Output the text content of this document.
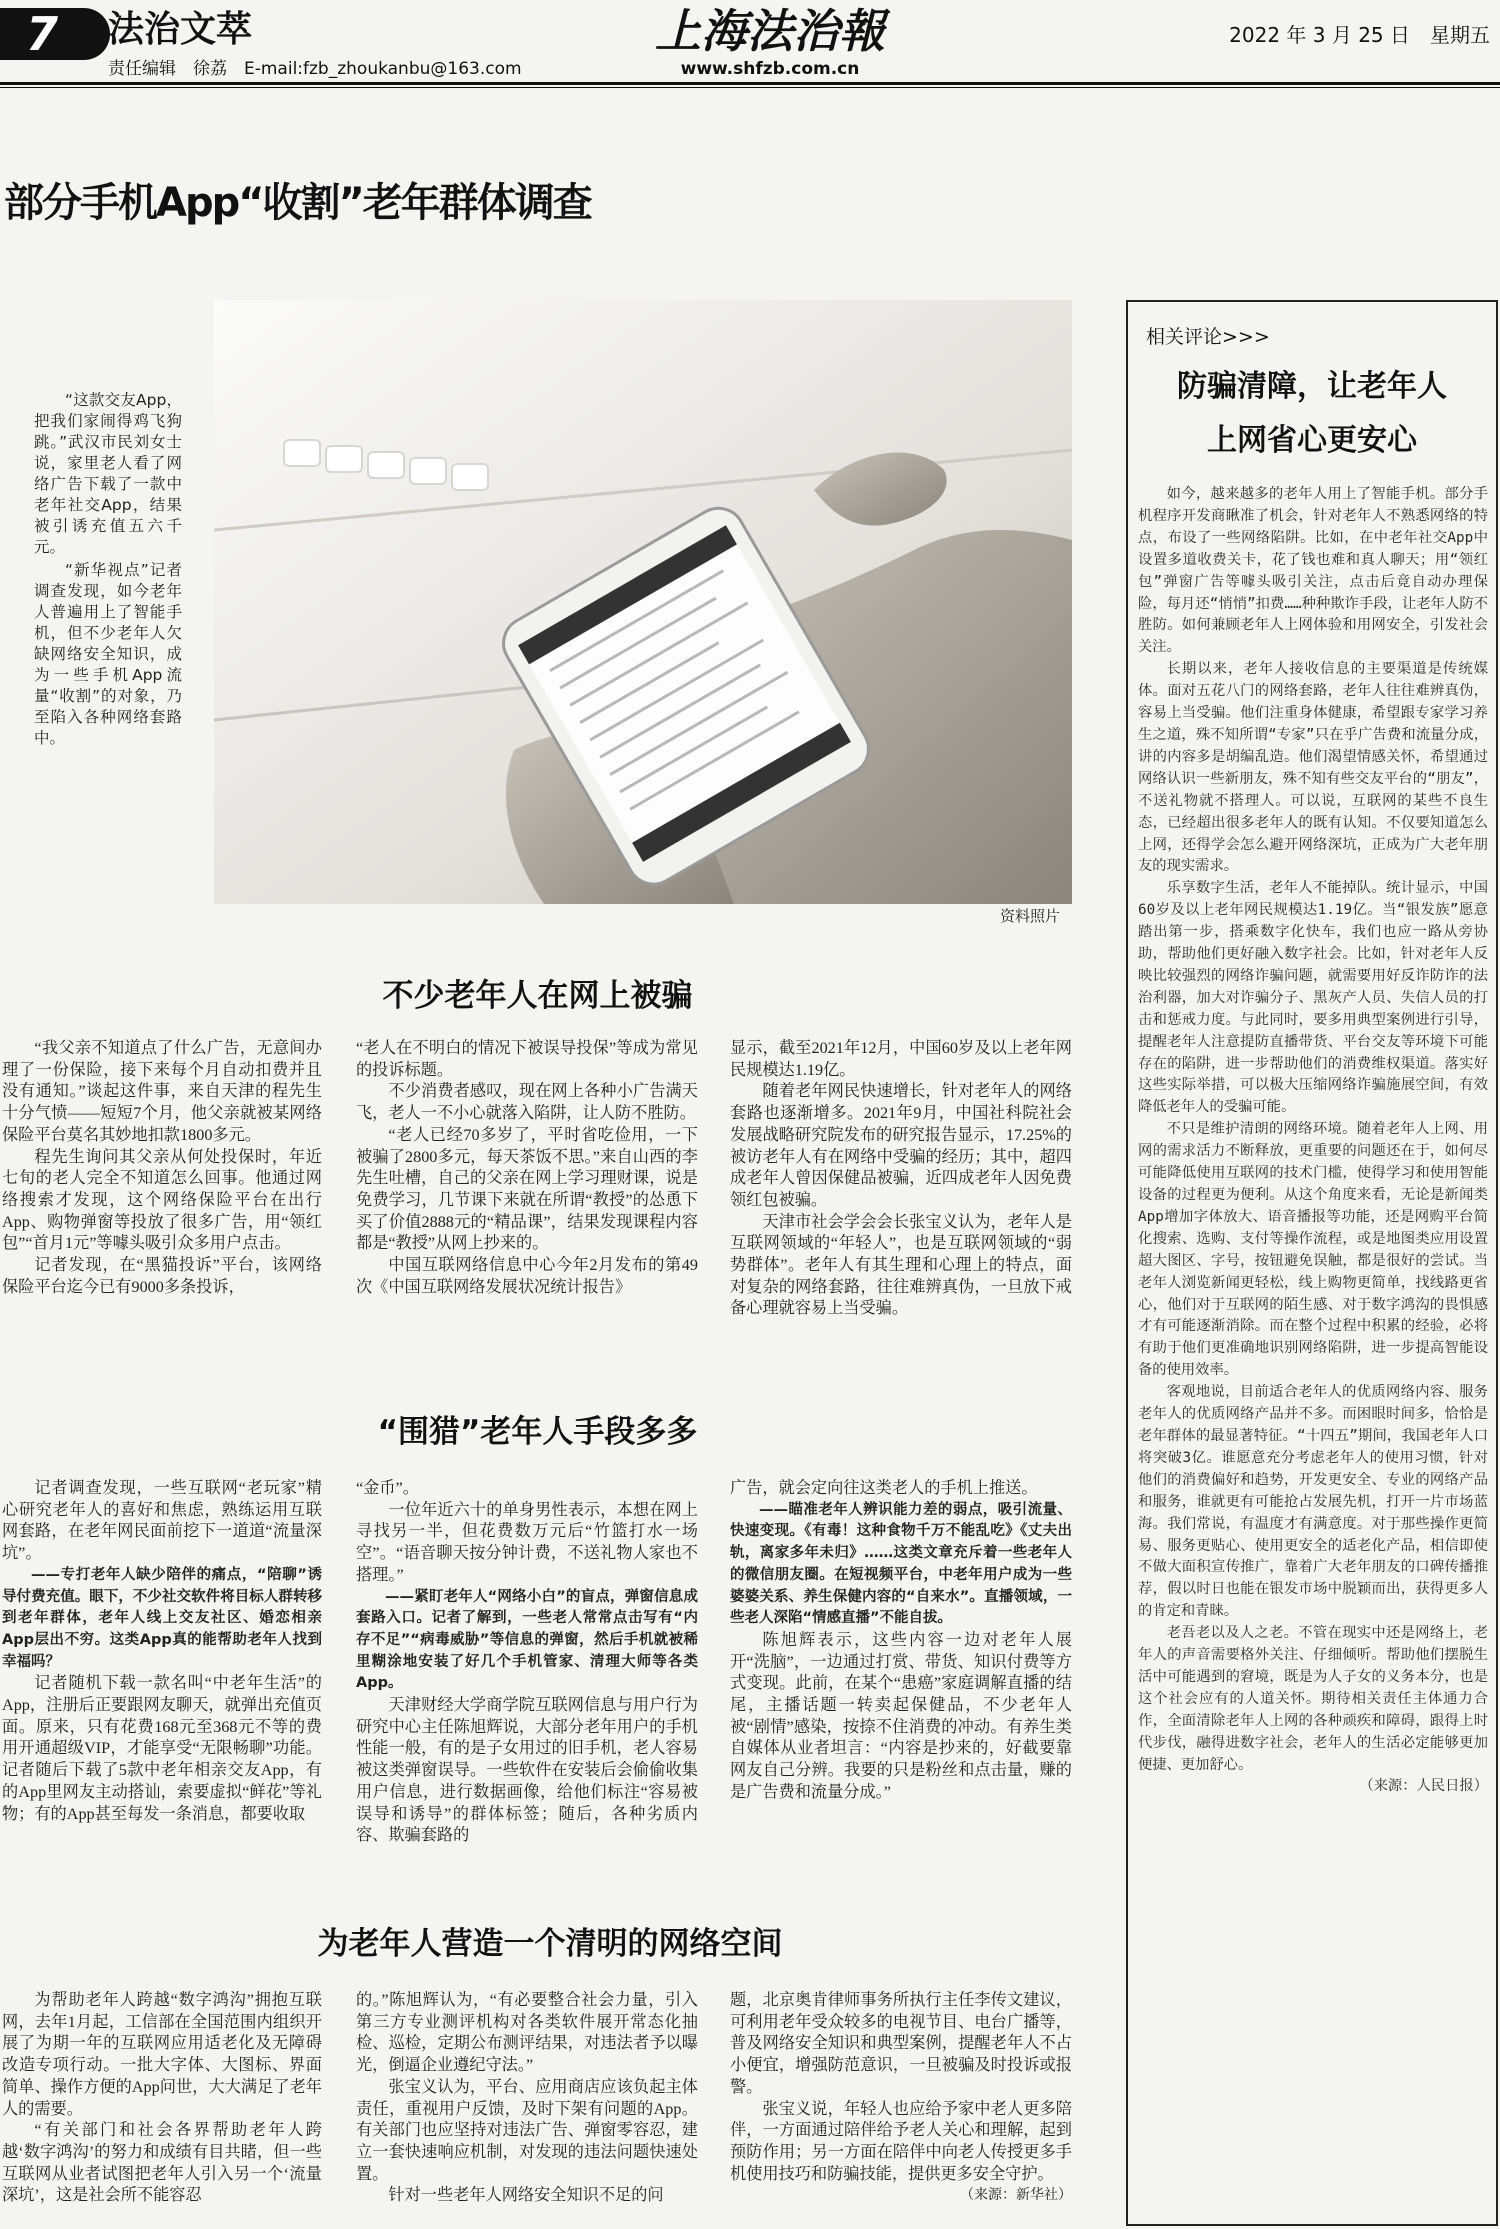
7	法治文萃
责任编辑　徐荔　E-mail:fzb_zhoukanbu@163.com
上海法治報
www.shfzb.com.cn
2022 年 3 月 25 日　星期五
部分手机App“收割”老年群体调查

“这款交友App，把我们家闹得鸡飞狗跳。”武汉市民刘女士说，家里老人看了网络广告下载了一款中老年社交App，结果被引诱充值五六千元。

“新华视点”记者调查发现，如今老年人普遍用上了智能手机，但不少老年人欠缺网络安全知识，成为一些手机App流量“收割”的对象，乃至陷入各种网络套路中。

资料照片
不少老年人在网上被骗

“我父亲不知道点了什么广告，无意间办理了一份保险，接下来每个月自动扣费并且没有通知。”谈起这件事，来自天津的程先生十分气愤——短短7个月，他父亲就被某网络保险平台莫名其妙地扣款1800多元。

程先生询问其父亲从何处投保时，年近七旬的老人完全不知道怎么回事。他通过网络搜索才发现，这个网络保险平台在出行App、购物弹窗等投放了很多广告，用“领红包”“首月1元”等噱头吸引众多用户点击。

记者发现，在“黑猫投诉”平台，该网络保险平台迄今已有9000多条投诉，

“老人在不明白的情况下被误导投保”等成为常见的投诉标题。

不少消费者感叹，现在网上各种小广告满天飞，老人一不小心就落入陷阱，让人防不胜防。

“老人已经70多岁了，平时省吃俭用，一下被骗了2800多元，每天茶饭不思。”来自山西的李先生吐槽，自己的父亲在网上学习理财课，说是免费学习，几节课下来就在所谓“教授”的怂恿下买了价值2888元的“精品课”，结果发现课程内容都是“教授”从网上抄来的。

中国互联网络信息中心今年2月发布的第49次《中国互联网络发展状况统计报告》

显示，截至2021年12月，中国60岁及以上老年网民规模达1.19亿。

随着老年网民快速增长，针对老年人的网络套路也逐渐增多。2021年9月，中国社科院社会发展战略研究院发布的研究报告显示，17.25%的被访老年人有在网络中受骗的经历；其中，超四成老年人曾因保健品被骗，近四成老年人因免费领红包被骗。

天津市社会学会会长张宝义认为，老年人是互联网领域的“年轻人”，也是互联网领域的“弱势群体”。老年人有其生理和心理上的特点，面对复杂的网络套路，往往难辨真伪，一旦放下戒备心理就容易上当受骗。

“围猎”老年人手段多多

记者调查发现，一些互联网“老玩家”精心研究老年人的喜好和焦虑，熟练运用互联网套路，在老年网民面前挖下一道道“流量深坑”。

——专打老年人缺少陪伴的痛点，“陪聊”诱导付费充值。眼下，不少社交软件将目标人群转移到老年群体，老年人线上交友社区、婚恋相亲App层出不穷。这类App真的能帮助老年人找到幸福吗？

记者随机下载一款名叫“中老年生活”的App，注册后正要跟网友聊天，就弹出充值页面。原来，只有花费168元至368元不等的费用开通超级VIP，才能享受“无限畅聊”功能。记者随后下载了5款中老年相亲交友App，有的App里网友主动搭讪，索要虚拟“鲜花”等礼物；有的App甚至每发一条消息，都要收取

“金币”。

一位年近六十的单身男性表示，本想在网上寻找另一半，但花费数万元后“竹篮打水一场空”。“语音聊天按分钟计费，不送礼物人家也不搭理。”

——紧盯老年人“网络小白”的盲点，弹窗信息成套路入口。记者了解到，一些老人常常点击写有“内存不足”“病毒威胁”等信息的弹窗，然后手机就被稀里糊涂地安装了好几个手机管家、清理大师等各类App。

天津财经大学商学院互联网信息与用户行为研究中心主任陈旭辉说，大部分老年用户的手机性能一般，有的是子女用过的旧手机，老人容易被这类弹窗误导。一些软件在安装后会偷偷收集用户信息，进行数据画像，给他们标注“容易被误导和诱导”的群体标签；随后，各种劣质内容、欺骗套路的

广告，就会定向往这类老人的手机上推送。

——瞄准老年人辨识能力差的弱点，吸引流量、快速变现。《有毒！这种食物千万不能乱吃》《丈夫出轨，离家多年未归》……这类文章充斥着一些老年人的微信朋友圈。在短视频平台，中老年用户成为一些婆婆关系、养生保健内容的“自来水”。直播领域，一些老人深陷“情感直播”不能自拔。

陈旭辉表示，这些内容一边对老年人展开“洗脑”，一边通过打赏、带货、知识付费等方式变现。此前，在某个“患癌”家庭调解直播的结尾，主播话题一转卖起保健品，不少老年人被“剧情”感染，按捺不住消费的冲动。有养生类自媒体从业者坦言：“内容是抄来的，好截要靠网友自己分辨。我要的只是粉丝和点击量，赚的是广告费和流量分成。”

为老年人营造一个清明的网络空间

为帮助老年人跨越“数字鸿沟”拥抱互联网，去年1月起，工信部在全国范围内组织开展了为期一年的互联网应用适老化及无障碍改造专项行动。一批大字体、大图标、界面简单、操作方便的App问世，大大满足了老年人的需要。

“有关部门和社会各界帮助老年人跨越‘数字鸿沟’的努力和成绩有目共睹，但一些互联网从业者试图把老年人引入另一个‘流量深坑’，这是社会所不能容忍

的。”陈旭辉认为，“有必要整合社会力量，引入第三方专业测评机构对各类软件展开常态化抽检、巡检，定期公布测评结果，对违法者予以曝光，倒逼企业遵纪守法。”

张宝义认为，平台、应用商店应该负起主体责任，重视用户反馈，及时下架有问题的App。有关部门也应坚持对违法广告、弹窗零容忍，建立一套快速响应机制，对发现的违法问题快速处置。

针对一些老年人网络安全知识不足的问

题，北京奥肯律师事务所执行主任李传文建议，可利用老年受众较多的电视节目、电台广播等，普及网络安全知识和典型案例，提醒老年人不占小便宜，增强防范意识，一旦被骗及时投诉或报警。

张宝义说，年轻人也应给予家中老人更多陪伴，一方面通过陪伴给予老人关心和理解，起到预防作用；另一方面在陪伴中向老人传授更多手机使用技巧和防骗技能，提供更多安全守护。

（来源：新华社）

相关评论>>>
防骗清障，让老年人
上网省心更安心

如今，越来越多的老年人用上了智能手机。部分手机程序开发商瞅准了机会，针对老年人不熟悉网络的特点，布设了一些网络陷阱。比如，在中老年社交App中设置多道收费关卡，花了钱也难和真人聊天；用“领红包”弹窗广告等噱头吸引关注，点击后竟自动办理保险，每月还“悄悄”扣费……种种欺诈手段，让老年人防不胜防。如何兼顾老年人上网体验和用网安全，引发社会关注。

长期以来，老年人接收信息的主要渠道是传统媒体。面对五花八门的网络套路，老年人往往难辨真伪，容易上当受骗。他们注重身体健康，希望跟专家学习养生之道，殊不知所谓“专家”只在乎广告费和流量分成，讲的内容多是胡编乱造。他们渴望情感关怀，希望通过网络认识一些新朋友，殊不知有些交友平台的“朋友”，不送礼物就不搭理人。可以说，互联网的某些不良生态，已经超出很多老年人的既有认知。不仅要知道怎么上网，还得学会怎么避开网络深坑，正成为广大老年朋友的现实需求。

乐享数字生活，老年人不能掉队。统计显示，中国60岁及以上老年网民规模达1.19亿。当“银发族”愿意踏出第一步，搭乘数字化快车，我们也应一路从旁协助，帮助他们更好融入数字社会。比如，针对老年人反映比较强烈的网络诈骗问题，就需要用好反诈防诈的法治利器，加大对诈骗分子、黑灰产人员、失信人员的打击和惩戒力度。与此同时，要多用典型案例进行引导，提醒老年人注意提防直播带货、平台交友等环境下可能存在的陷阱，进一步帮助他们的消费维权渠道。落实好这些实际举措，可以极大压缩网络诈骗施展空间，有效降低老年人的受骗可能。

不只是维护清朗的网络环境。随着老年人上网、用网的需求活力不断释放，更重要的问题还在于，如何尽可能降低使用互联网的技术门槛，使得学习和使用智能设备的过程更为便利。从这个角度来看，无论是新闻类App增加字体放大、语音播报等功能，还是网购平台简化搜索、选购、支付等操作流程，或是地图类应用设置超大图区、字号，按钮避免误触，都是很好的尝试。当老年人浏览新闻更轻松，线上购物更简单，找线路更省心，他们对于互联网的陌生感、对于数字鸿沟的畏惧感才有可能逐渐消除。而在整个过程中积累的经验，必将有助于他们更准确地识别网络陷阱，进一步提高智能设备的使用效率。

客观地说，目前适合老年人的优质网络内容、服务老年人的优质网络产品并不多。而困眼时间多，恰恰是老年群体的最显著特征。“十四五”期间，我国老年人口将突破3亿。谁愿意充分考虑老年人的使用习惯，针对他们的消费偏好和趋势，开发更安全、专业的网络产品和服务，谁就更有可能抢占发展先机，打开一片市场蓝海。我们常说，有温度才有满意度。对于那些操作更简易、服务更贴心、使用更安全的适老化产品，相信即使不做大面积宣传推广，靠着广大老年朋友的口碑传播推荐，假以时日也能在银发市场中脱颖而出，获得更多人的肯定和青睐。

老吾老以及人之老。不管在现实中还是网络上，老年人的声音需要格外关注、仔细倾听。帮助他们摆脱生活中可能遇到的窘境，既是为人子女的义务本分，也是这个社会应有的人道关怀。期待相关责任主体通力合作，全面清除老年人上网的各种顽疾和障碍，跟得上时代步伐，融得进数字社会，老年人的生活必定能够更加便捷、更加舒心。

（来源：人民日报）
